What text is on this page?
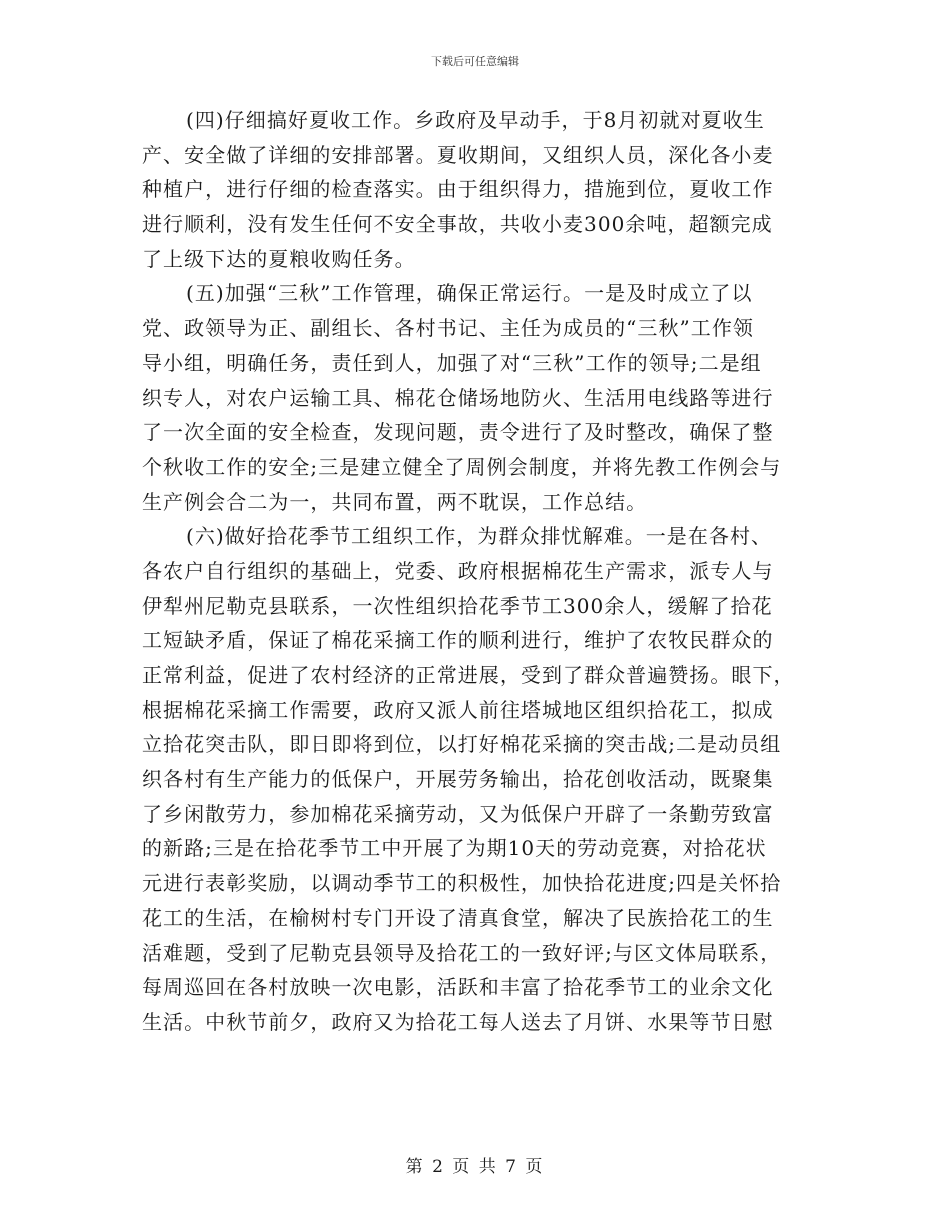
下载后可任意编辑
(四)仔细搞好夏收工作。乡政府及早动手，于8月初就对夏收生
产、安全做了详细的安排部署。夏收期间，又组织人员，深化各小麦
种植户，进行仔细的检查落实。由于组织得力，措施到位，夏收工作
进行顺利，没有发生任何不安全事故，共收小麦300余吨，超额完成
了上级下达的夏粮收购任务。
(五)加强“三秋”工作管理，确保正常运行。一是及时成立了以
党、政领导为正、副组长、各村书记、主任为成员的“三秋”工作领
导小组，明确任务，责任到人，加强了对“三秋”工作的领导;二是组
织专人，对农户运输工具、棉花仓储场地防火、生活用电线路等进行
了一次全面的安全检查，发现问题，责令进行了及时整改，确保了整
个秋收工作的安全;三是建立健全了周例会制度，并将先教工作例会与
生产例会合二为一，共同布置，两不耽误，工作总结。
(六)做好拾花季节工组织工作，为群众排忧解难。一是在各村、
各农户自行组织的基础上，党委、政府根据棉花生产需求，派专人与
伊犁州尼勒克县联系，一次性组织拾花季节工300余人，缓解了拾花
工短缺矛盾，保证了棉花采摘工作的顺利进行，维护了农牧民群众的
正常利益，促进了农村经济的正常进展，受到了群众普遍赞扬。眼下，
根据棉花采摘工作需要，政府又派人前往塔城地区组织拾花工，拟成
立拾花突击队，即日即将到位，以打好棉花采摘的突击战;二是动员组
织各村有生产能力的低保户，开展劳务输出，拾花创收活动，既聚集
了乡闲散劳力，参加棉花采摘劳动，又为低保户开辟了一条勤劳致富
的新路;三是在拾花季节工中开展了为期10天的劳动竞赛，对拾花状
元进行表彰奖励，以调动季节工的积极性，加快拾花进度;四是关怀拾
花工的生活，在榆树村专门开设了清真食堂，解决了民族拾花工的生
活难题，受到了尼勒克县领导及拾花工的一致好评;与区文体局联系，
每周巡回在各村放映一次电影，活跃和丰富了拾花季节工的业余文化
生活。中秋节前夕，政府又为拾花工每人送去了月饼、水果等节日慰
第 2 页 共 7 页
